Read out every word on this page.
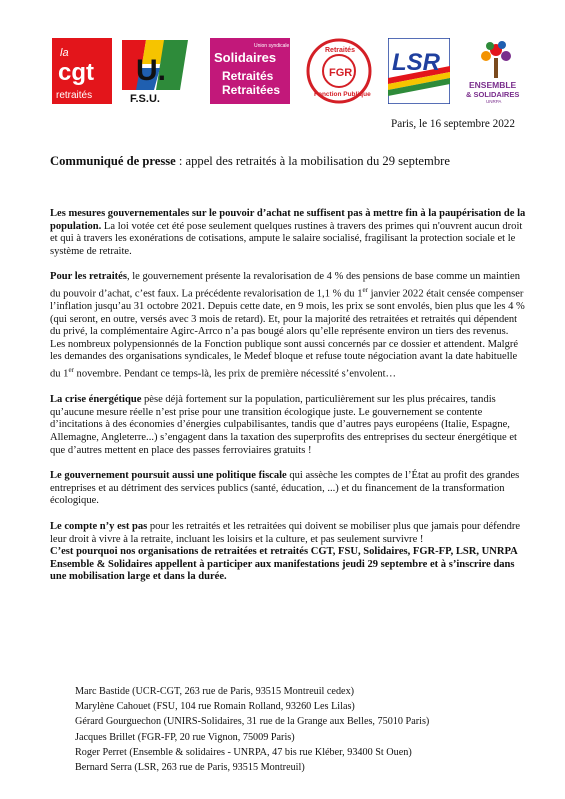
la
cgt
retraités
U.
F.S.U.
Union syndicale
Solidaires
Retraités
Retraitées
Retraités
FGR
Fonction Publique
LSR
ENSEMBLE
& SOLIDAIRES
UNRPA
Paris, le 16 septembre 2022
Communiqué de presse : appel des retraités à la mobilisation du 29 septembre

Les mesures gouvernementales sur le pouvoir d’achat ne suffisent pas à mettre fin à la paupérisation de la population. La loi votée cet été pose seulement quelques rustines à travers des primes qui n'ouvrent aucun droit et qui à travers les exonérations de cotisations, ampute le salaire socialisé, fragilisant la protection sociale et le système de retraite.

Pour les retraités, le gouvernement présente la revalorisation de 4 % des pensions de base comme un maintien du pouvoir d’achat, c’est faux. La précédente revalorisation de 1,1 % du 1er janvier 2022 était censée compenser l’inflation jusqu’au 31 octobre 2021. Depuis cette date, en 9 mois, les prix se sont envolés, bien plus que les 4 % (qui seront, en outre, versés avec 3 mois de retard). Et, pour la majorité des retraitées et retraités qui dépendent du privé, la complémentaire Agirc-Arrco n’a pas bougé alors qu’elle représente environ un tiers des revenus. Les nombreux polypensionnés de la Fonction publique sont aussi concernés par ce dossier et attendent. Malgré les demandes des organisations syndicales, le Medef bloque et refuse toute négociation avant la date habituelle du 1er novembre. Pendant ce temps-là, les prix de première nécessité s’envolent…

La crise énergétique pèse déjà fortement sur la population, particulièrement sur les plus précaires, tandis qu’aucune mesure réelle n’est prise pour une transition écologique juste. Le gouvernement se contente d’incitations à des économies d’énergies culpabilisantes, tandis que d’autres pays européens (Italie, Espagne, Allemagne, Angleterre...) s’engagent dans la taxation des superprofits des entreprises du secteur énergétique et que d’autres mettent en place des passes ferroviaires gratuits !

Le gouvernement poursuit aussi une politique fiscale qui assèche les comptes de l’État au profit des grandes entreprises et au détriment des services publics (santé, éducation, ...) et du financement de la transformation écologique.

Le compte n’y est pas pour les retraités et les retraitées qui doivent se mobiliser plus que jamais pour défendre leur droit à vivre à la retraite, incluant les loisirs et la culture, et pas seulement survivre !

C’est pourquoi nos organisations de retraitées et retraités CGT, FSU, Solidaires, FGR-FP, LSR, UNRPA Ensemble & Solidaires appellent à participer aux manifestations jeudi 29 septembre et à s’inscrire dans une mobilisation large et dans la durée.

Marc Bastide (UCR-CGT, 263 rue de Paris, 93515 Montreuil cedex)
Marylène Cahouet (FSU, 104 rue Romain Rolland, 93260 Les Lilas)
Gérard Gourguechon (UNIRS-Solidaires, 31 rue de la Grange aux Belles, 75010 Paris)
Jacques Brillet (FGR-FP, 20 rue Vignon, 75009 Paris)
Roger Perret (Ensemble & solidaires - UNRPA, 47 bis rue Kléber, 93400 St Ouen)
Bernard Serra (LSR, 263 rue de Paris, 93515 Montreuil)
